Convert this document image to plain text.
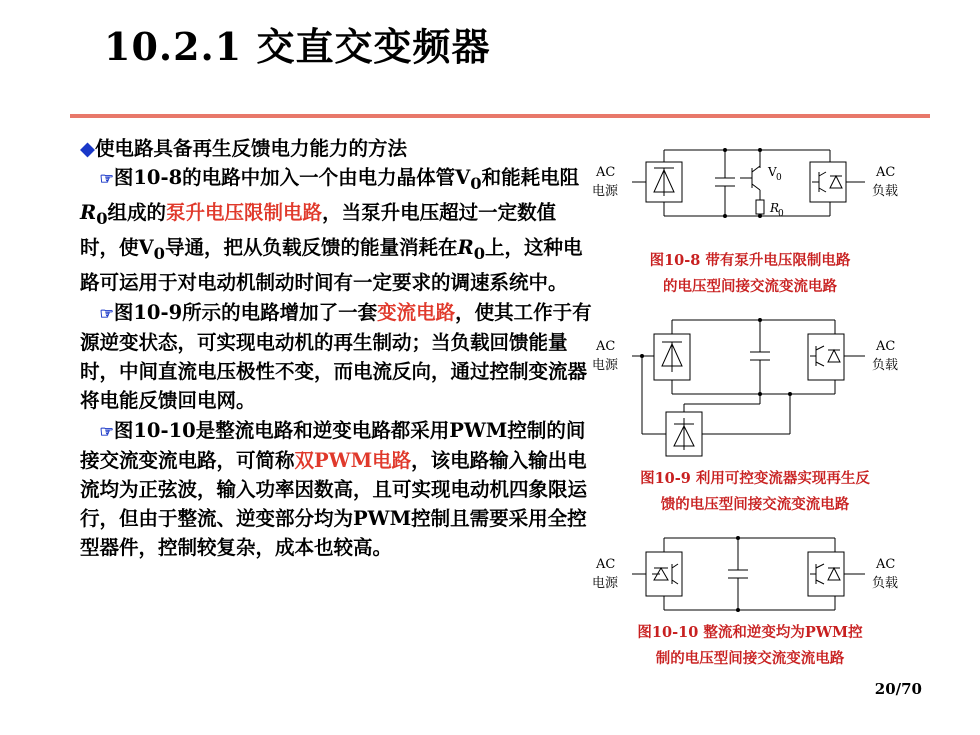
10.2.1 交直交变频器

◆使电路具备再生反馈电力能力的方法

 ☞图10-8的电路中加入一个由电力晶体管$V_0$和能耗电阻$R_0$组成的泵升电压限制电路，当泵升电压超过一定数值时，使$V_0$导通，把从负载反馈的能量消耗在$R_0$上，这种电路可运用于对电动机制动时间有一定要求的调速系统中。

 ☞图10-9所示的电路增加了一套变流电路，使其工作于有源逆变状态，可实现电动机的再生制动；当负载回馈能量时，中间直流电压极性不变，而电流反向，通过控制变流器将电能反馈回电网。

 ☞图10-10是整流电路和逆变电路都采用PWM控制的间接交流变流电路，可简称双PWM电路，该电路输入输出电流均为正弦波，输入功率因数高，且可实现电动机四象限运行，但由于整流、逆变部分均为PWM控制且需要采用全控型器件，控制较复杂，成本也较高。

AC
电源
AC
负载
V 0
R
0
图10-8 带有泵升电压限制电路
的电压型间接交流变流电路
AC
电源
AC
负载
图10-9 利用可控变流器实现再生反
馈的电压型间接交流变流电路
AC
电源
AC
负载
图10-10 整流和逆变均为PWM控
制的电压型间接交流变流电路
20/70
